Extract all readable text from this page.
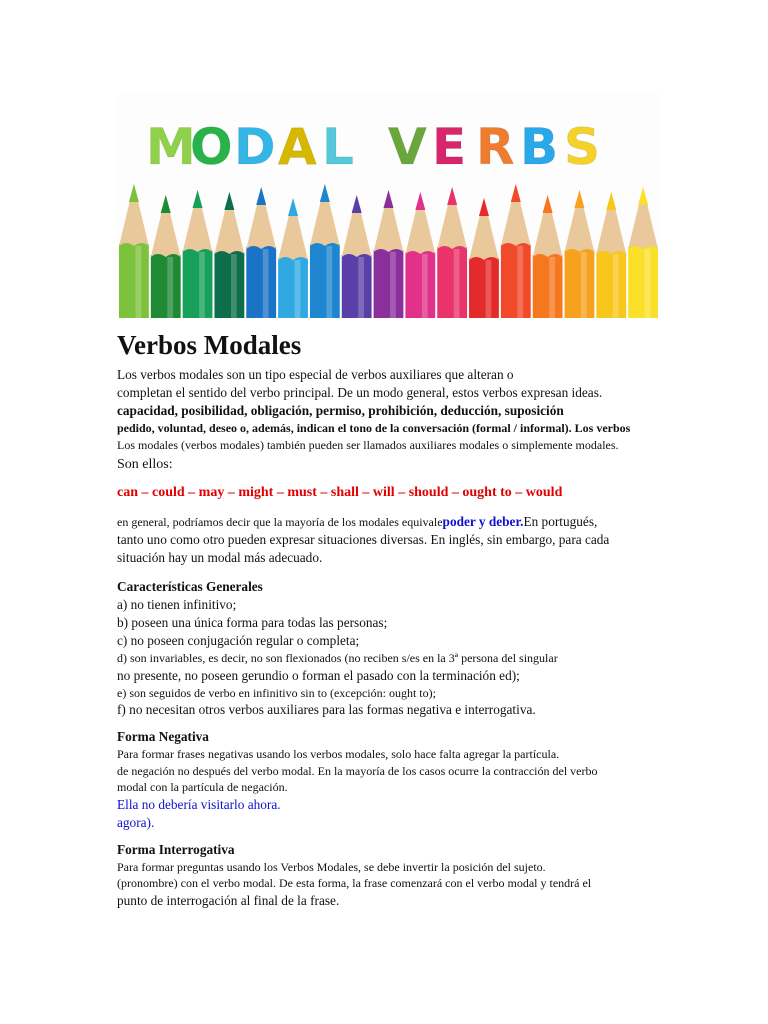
M
O D A L V E R B S
Verbos Modales
Los verbos modales son un tipo especial de verbos auxiliares que alteran o
completan el sentido del verbo principal. De un modo general, estos verbos expresan ideas.
capacidad, posibilidad, obligación, permiso, prohibición, deducción, suposición
pedido, voluntad, deseo o, además, indican el tono de la conversación (formal / informal). Los verbos
Los modales (verbos modales) también pueden ser llamados auxiliares modales o simplemente modales.
Son ellos:
can – could – may – might – must – shall – will – should – ought to – would
en general, podríamos decir que la mayoría de los modales equivalepoder y deber.En portugués,
tanto uno como otro pueden expresar situaciones diversas. En inglés, sin embargo, para cada
situación hay un modal más adecuado.
Características Generales
a) no tienen infinitivo;
b) poseen una única forma para todas las personas;
c) no poseen conjugación regular o completa;
d) son invariables, es decir, no son flexionados (no reciben s/es en la 3ª persona del singular
no presente, no poseen gerundio o forman el pasado con la terminación ed);
e) son seguidos de verbo en infinitivo sin to (excepción: ought to);
f) no necesitan otros verbos auxiliares para las formas negativa e interrogativa.
Forma Negativa
Para formar frases negativas usando los verbos modales, solo hace falta agregar la partícula.
de negación no después del verbo modal. En la mayoría de los casos ocurre la contracción del verbo
modal con la partícula de negación.
Ella no debería visitarlo ahora.
agora).
Forma Interrogativa
Para formar preguntas usando los Verbos Modales, se debe invertir la posición del sujeto.
(pronombre) con el verbo modal. De esta forma, la frase comenzará con el verbo modal y tendrá el
punto de interrogación al final de la frase.
